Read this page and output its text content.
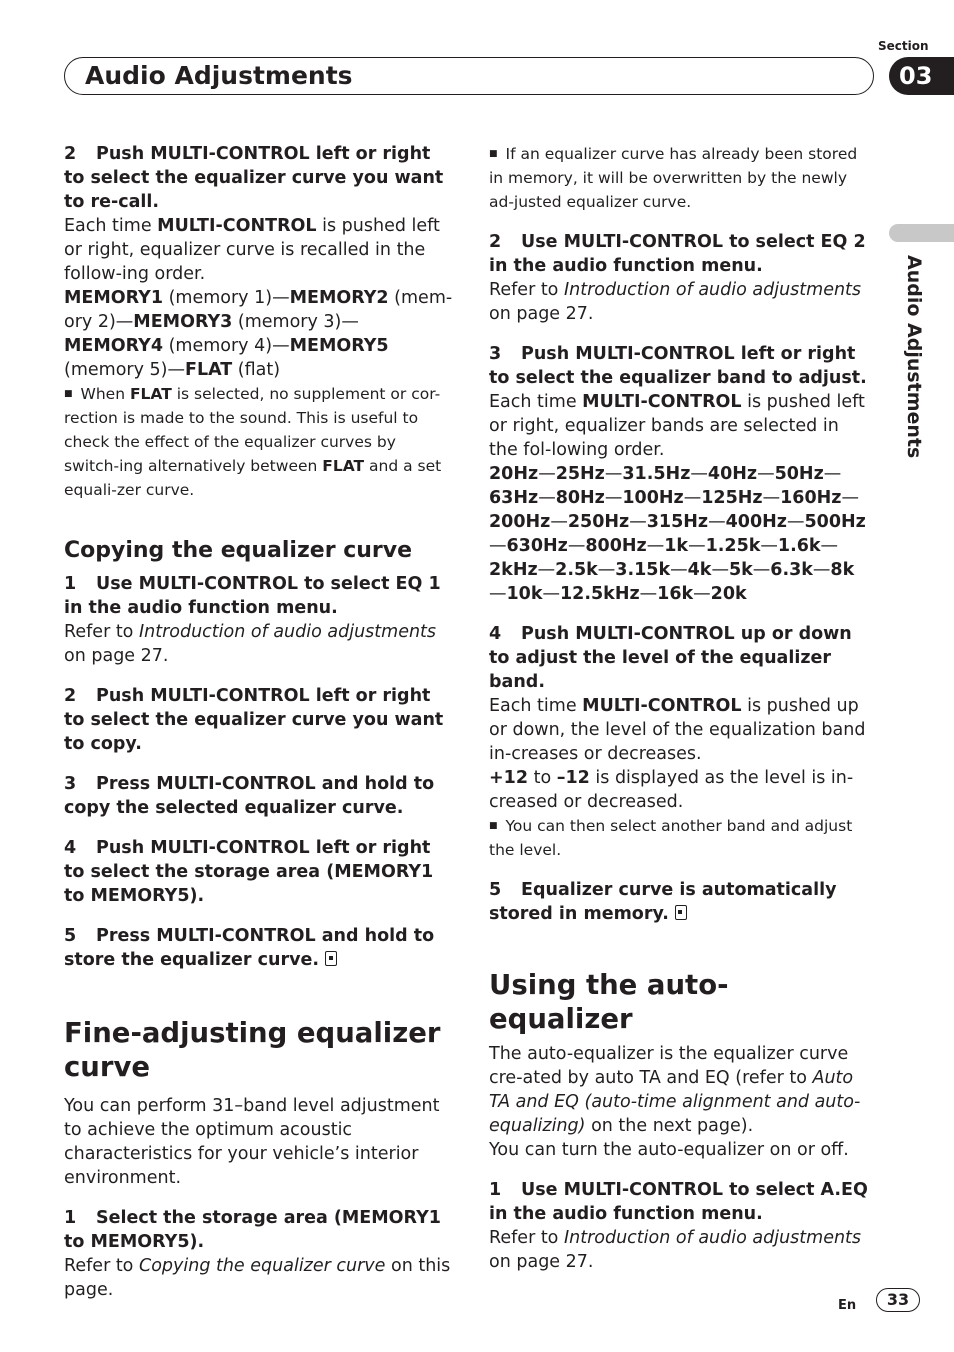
Audio Adjustments
Section
03
Audio Adjustments

2 Push MULTI-CONTROL left or right to select the equalizer curve you want to re-call.

Each time MULTI-CONTROL is pushed left or right, equalizer curve is recalled in the follow-ing order.

MEMORY1 (memory 1)—MEMORY2 (mem-ory 2)—MEMORY3 (memory 3)—MEMORY4 (memory 4)—MEMORY5 (memory 5)—FLAT (flat)

■ When FLAT is selected, no supplement or cor-rection is made to the sound. This is useful to check the effect of the equalizer curves by switch-ing alternatively between FLAT and a set equali-zer curve.

Copying the equalizer curve

1 Use MULTI-CONTROL to select EQ 1 in the audio function menu.

Refer to Introduction of audio adjustments on page 27.

2 Push MULTI-CONTROL left or right to select the equalizer curve you want to copy.

3 Press MULTI-CONTROL and hold to copy the selected equalizer curve.

4 Push MULTI-CONTROL left or right to select the storage area (MEMORY1 to MEMORY5).

5 Press MULTI-CONTROL and hold to store the equalizer curve.

Fine-adjusting equalizer curve

You can perform 31–band level adjustment to achieve the optimum acoustic characteristics for your vehicle’s interior environment.

1 Select the storage area (MEMORY1 to MEMORY5).

Refer to Copying the equalizer curve on this page.

■ If an equalizer curve has already been stored in memory, it will be overwritten by the newly ad-justed equalizer curve.

2 Use MULTI-CONTROL to select EQ 2 in the audio function menu.

Refer to Introduction of audio adjustments on page 27.

3 Push MULTI-CONTROL left or right to select the equalizer band to adjust.

Each time MULTI-CONTROL is pushed left or right, equalizer bands are selected in the fol-lowing order.

20Hz—25Hz—31.5Hz—40Hz—50Hz—63Hz—80Hz—100Hz—125Hz—160Hz—200Hz—250Hz—315Hz—400Hz—500Hz—630Hz—800Hz—1k—1.25k—1.6k—2kHz—2.5k—3.15k—4k—5k—6.3k—8k—10k—12.5kHz—16k—20k

4 Push MULTI-CONTROL up or down to adjust the level of the equalizer band.

Each time MULTI-CONTROL is pushed up or down, the level of the equalization band in-creases or decreases.

+12 to –12 is displayed as the level is in-creased or decreased.

■ You can then select another band and adjust the level.

5 Equalizer curve is automatically stored in memory.

Using the auto-equalizer

The auto-equalizer is the equalizer curve cre-ated by auto TA and EQ (refer to Auto TA and EQ (auto-time alignment and auto-equalizing) on the next page).

You can turn the auto-equalizer on or off.

1 Use MULTI-CONTROL to select A.EQ in the audio function menu.

Refer to Introduction of audio adjustments on page 27.

En	33
